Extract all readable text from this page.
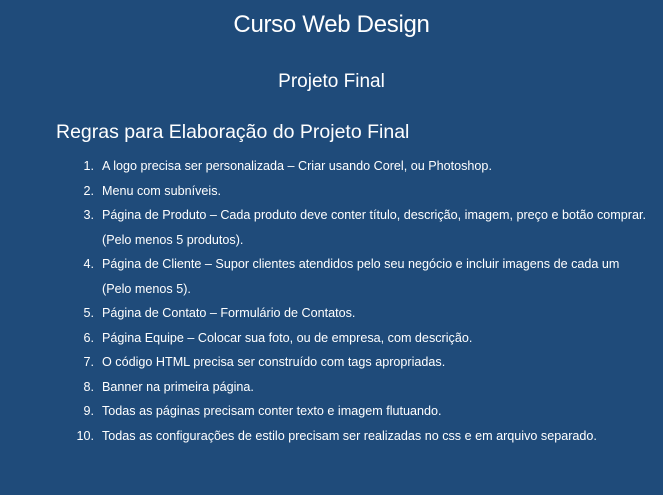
Curso Web Design
Projeto Final
Regras para Elaboração do Projeto Final
1. A logo precisa ser personalizada – Criar usando Corel, ou Photoshop.
2. Menu com subníveis.
3. Página de Produto – Cada produto deve conter título, descrição, imagem, preço e botão comprar. (Pelo menos 5 produtos).
4. Página de Cliente – Supor clientes atendidos pelo seu negócio e incluir imagens de cada um (Pelo menos 5).
5. Página de Contato – Formulário de Contatos.
6. Página Equipe – Colocar sua foto, ou de empresa, com descrição.
7. O código HTML precisa ser construído com tags apropriadas.
8. Banner na primeira página.
9. Todas as páginas precisam conter texto e imagem flutuando.
10. Todas as configurações de estilo precisam ser realizadas no css e em arquivo separado.
